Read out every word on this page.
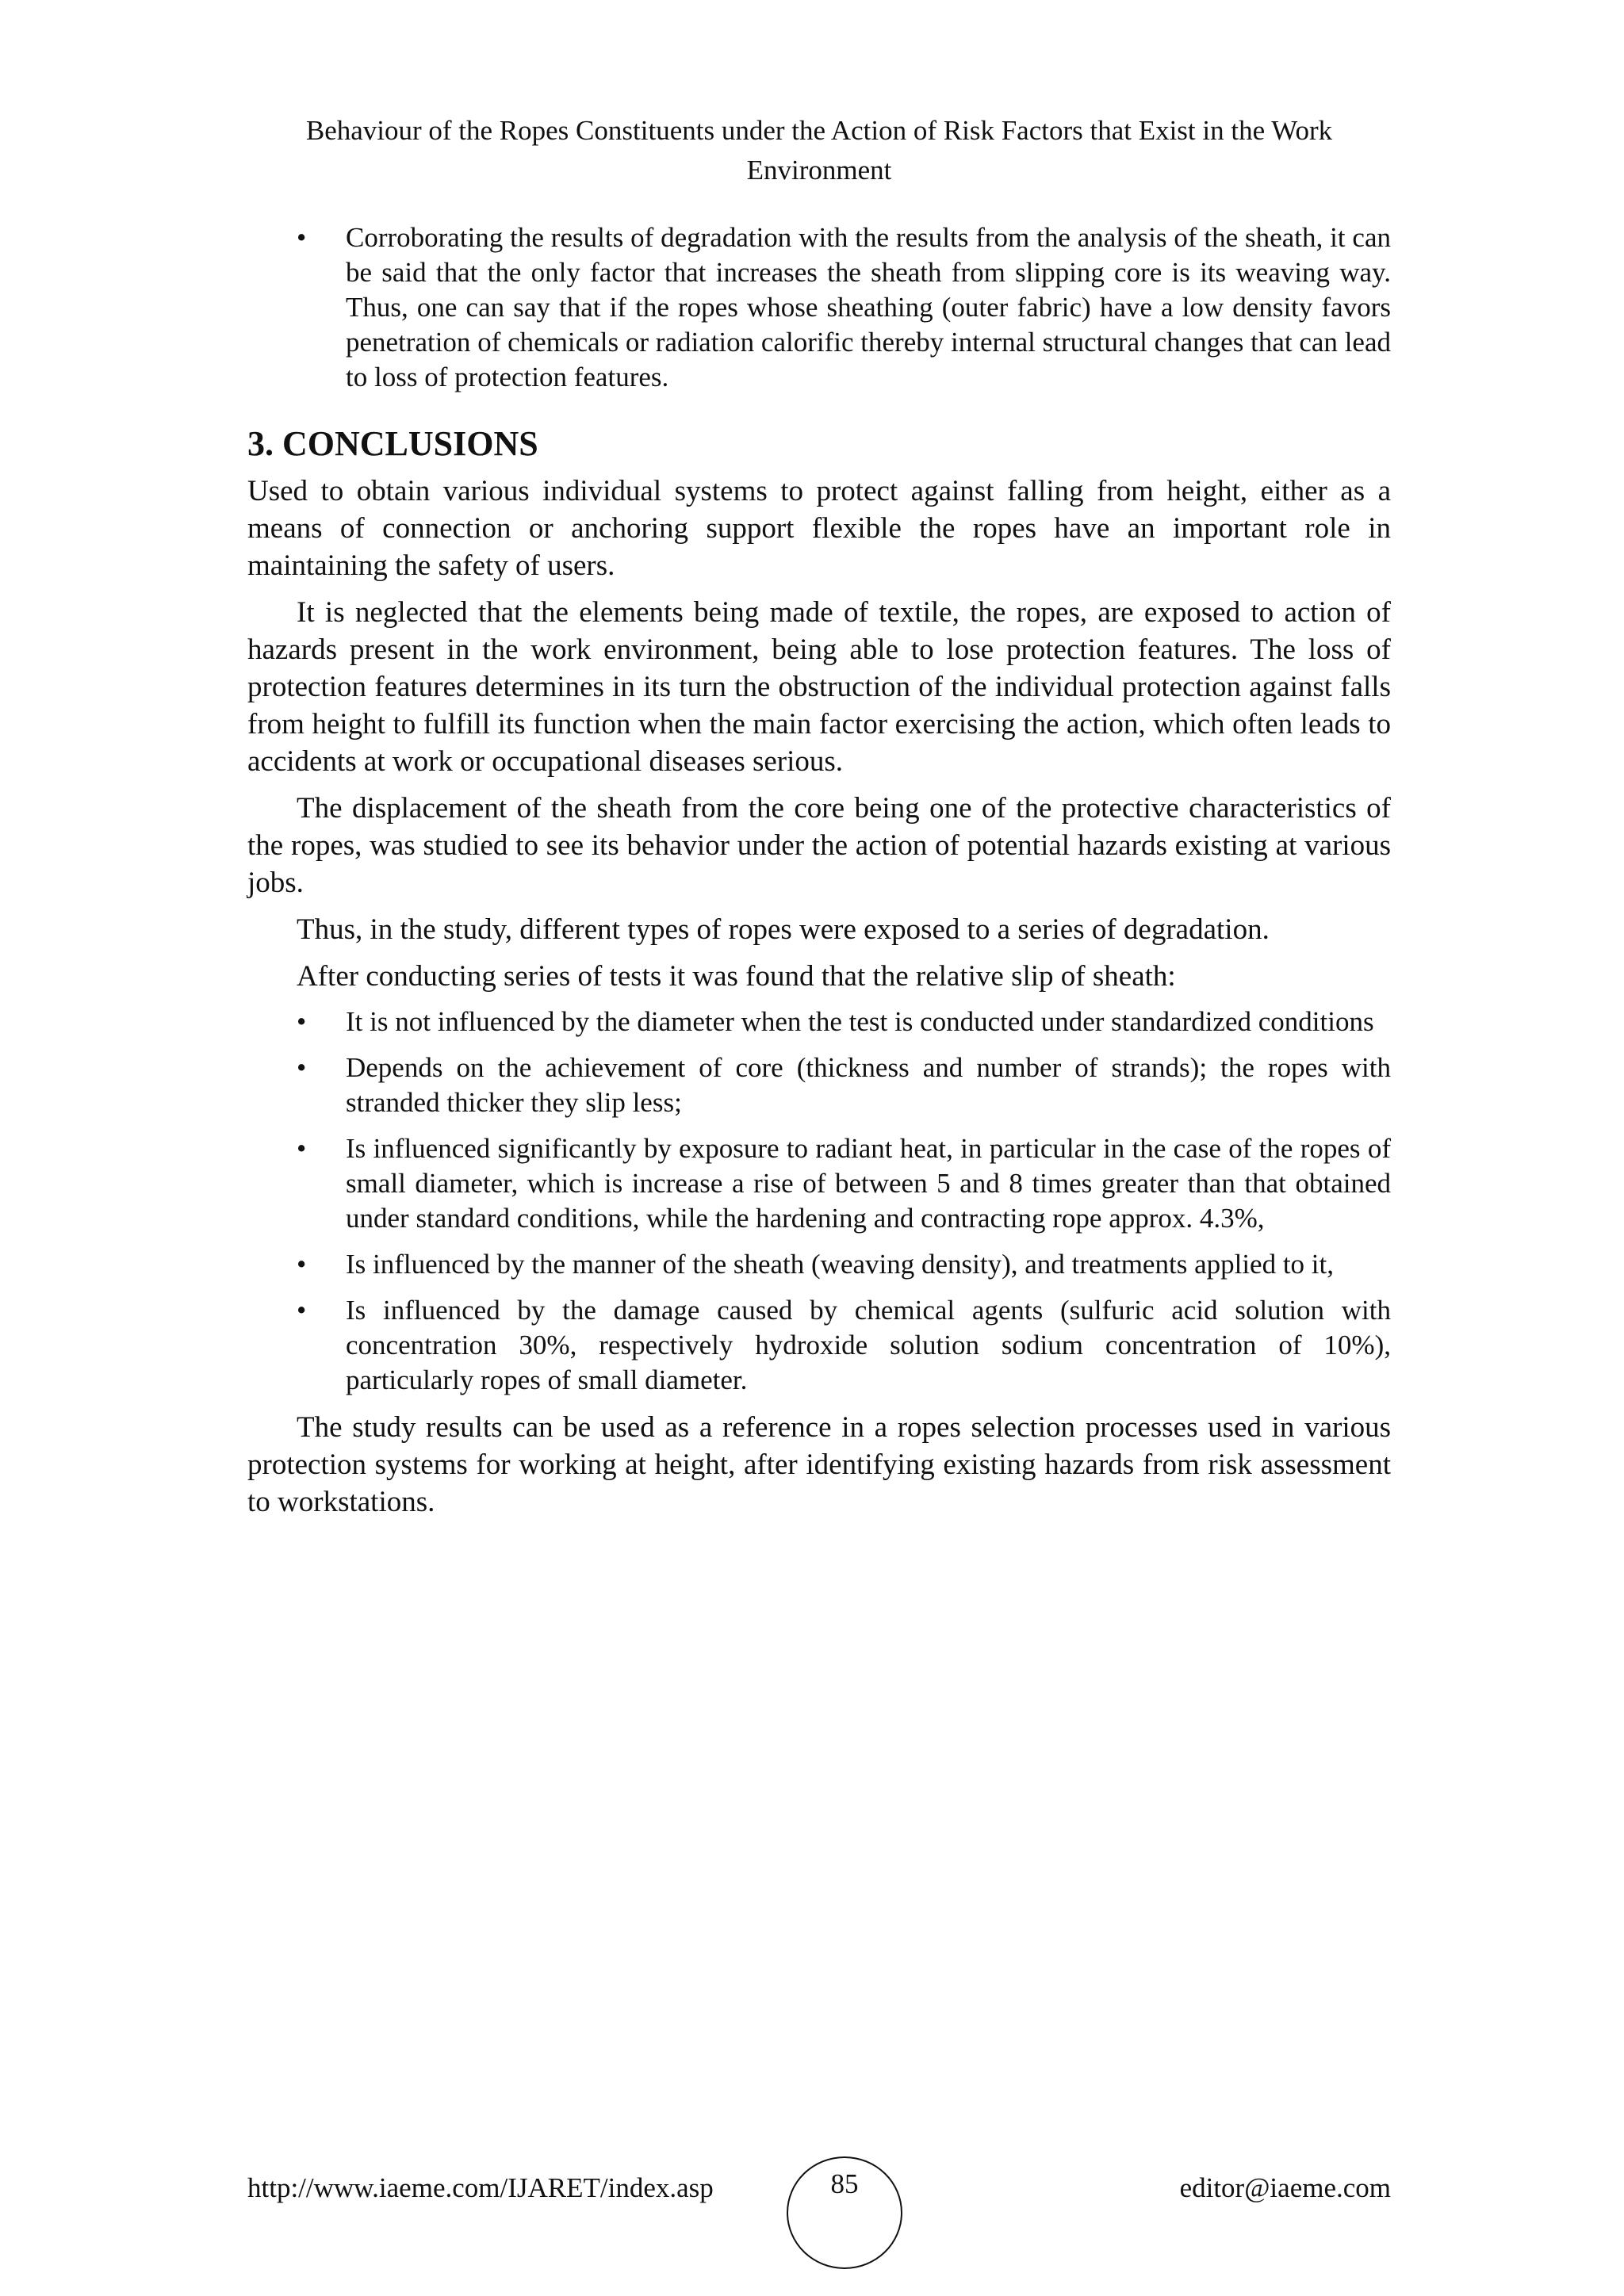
Behaviour of the Ropes Constituents under the Action of Risk Factors that Exist in the Work Environment
• Corroborating the results of degradation with the results from the analysis of the sheath, it can be said that the only factor that increases the sheath from slipping core is its weaving way. Thus, one can say that if the ropes whose sheathing (outer fabric) have a low density favors penetration of chemicals or radiation calorific thereby internal structural changes that can lead to loss of protection features.
3. CONCLUSIONS

Used to obtain various individual systems to protect against falling from height, either as a means of connection or anchoring support flexible the ropes have an important role in maintaining the safety of users.

It is neglected that the elements being made of textile, the ropes, are exposed to action of hazards present in the work environment, being able to lose protection features. The loss of protection features determines in its turn the obstruction of the individual protection against falls from height to fulfill its function when the main factor exercising the action, which often leads to accidents at work or occupational diseases serious.

The displacement of the sheath from the core being one of the protective characteristics of the ropes, was studied to see its behavior under the action of potential hazards existing at various jobs.

Thus, in the study, different types of ropes were exposed to a series of degradation.

After conducting series of tests it was found that the relative slip of sheath:

• It is not influenced by the diameter when the test is conducted under standardized conditions
• Depends on the achievement of core (thickness and number of strands); the ropes with stranded thicker they slip less;
• Is influenced significantly by exposure to radiant heat, in particular in the case of the ropes of small diameter, which is increase a rise of between 5 and 8 times greater than that obtained under standard conditions, while the hardening and contracting rope approx. 4.3%,
• Is influenced by the manner of the sheath (weaving density), and treatments applied to it,
• Is influenced by the damage caused by chemical agents (sulfuric acid solution with concentration 30%, respectively hydroxide solution sodium concentration of 10%), particularly ropes of small diameter.

The study results can be used as a reference in a ropes selection processes used in various protection systems for working at height, after identifying existing hazards from risk assessment to workstations.

http://www.iaeme.com/IJARET/index.asp	85	editor@iaeme.com
